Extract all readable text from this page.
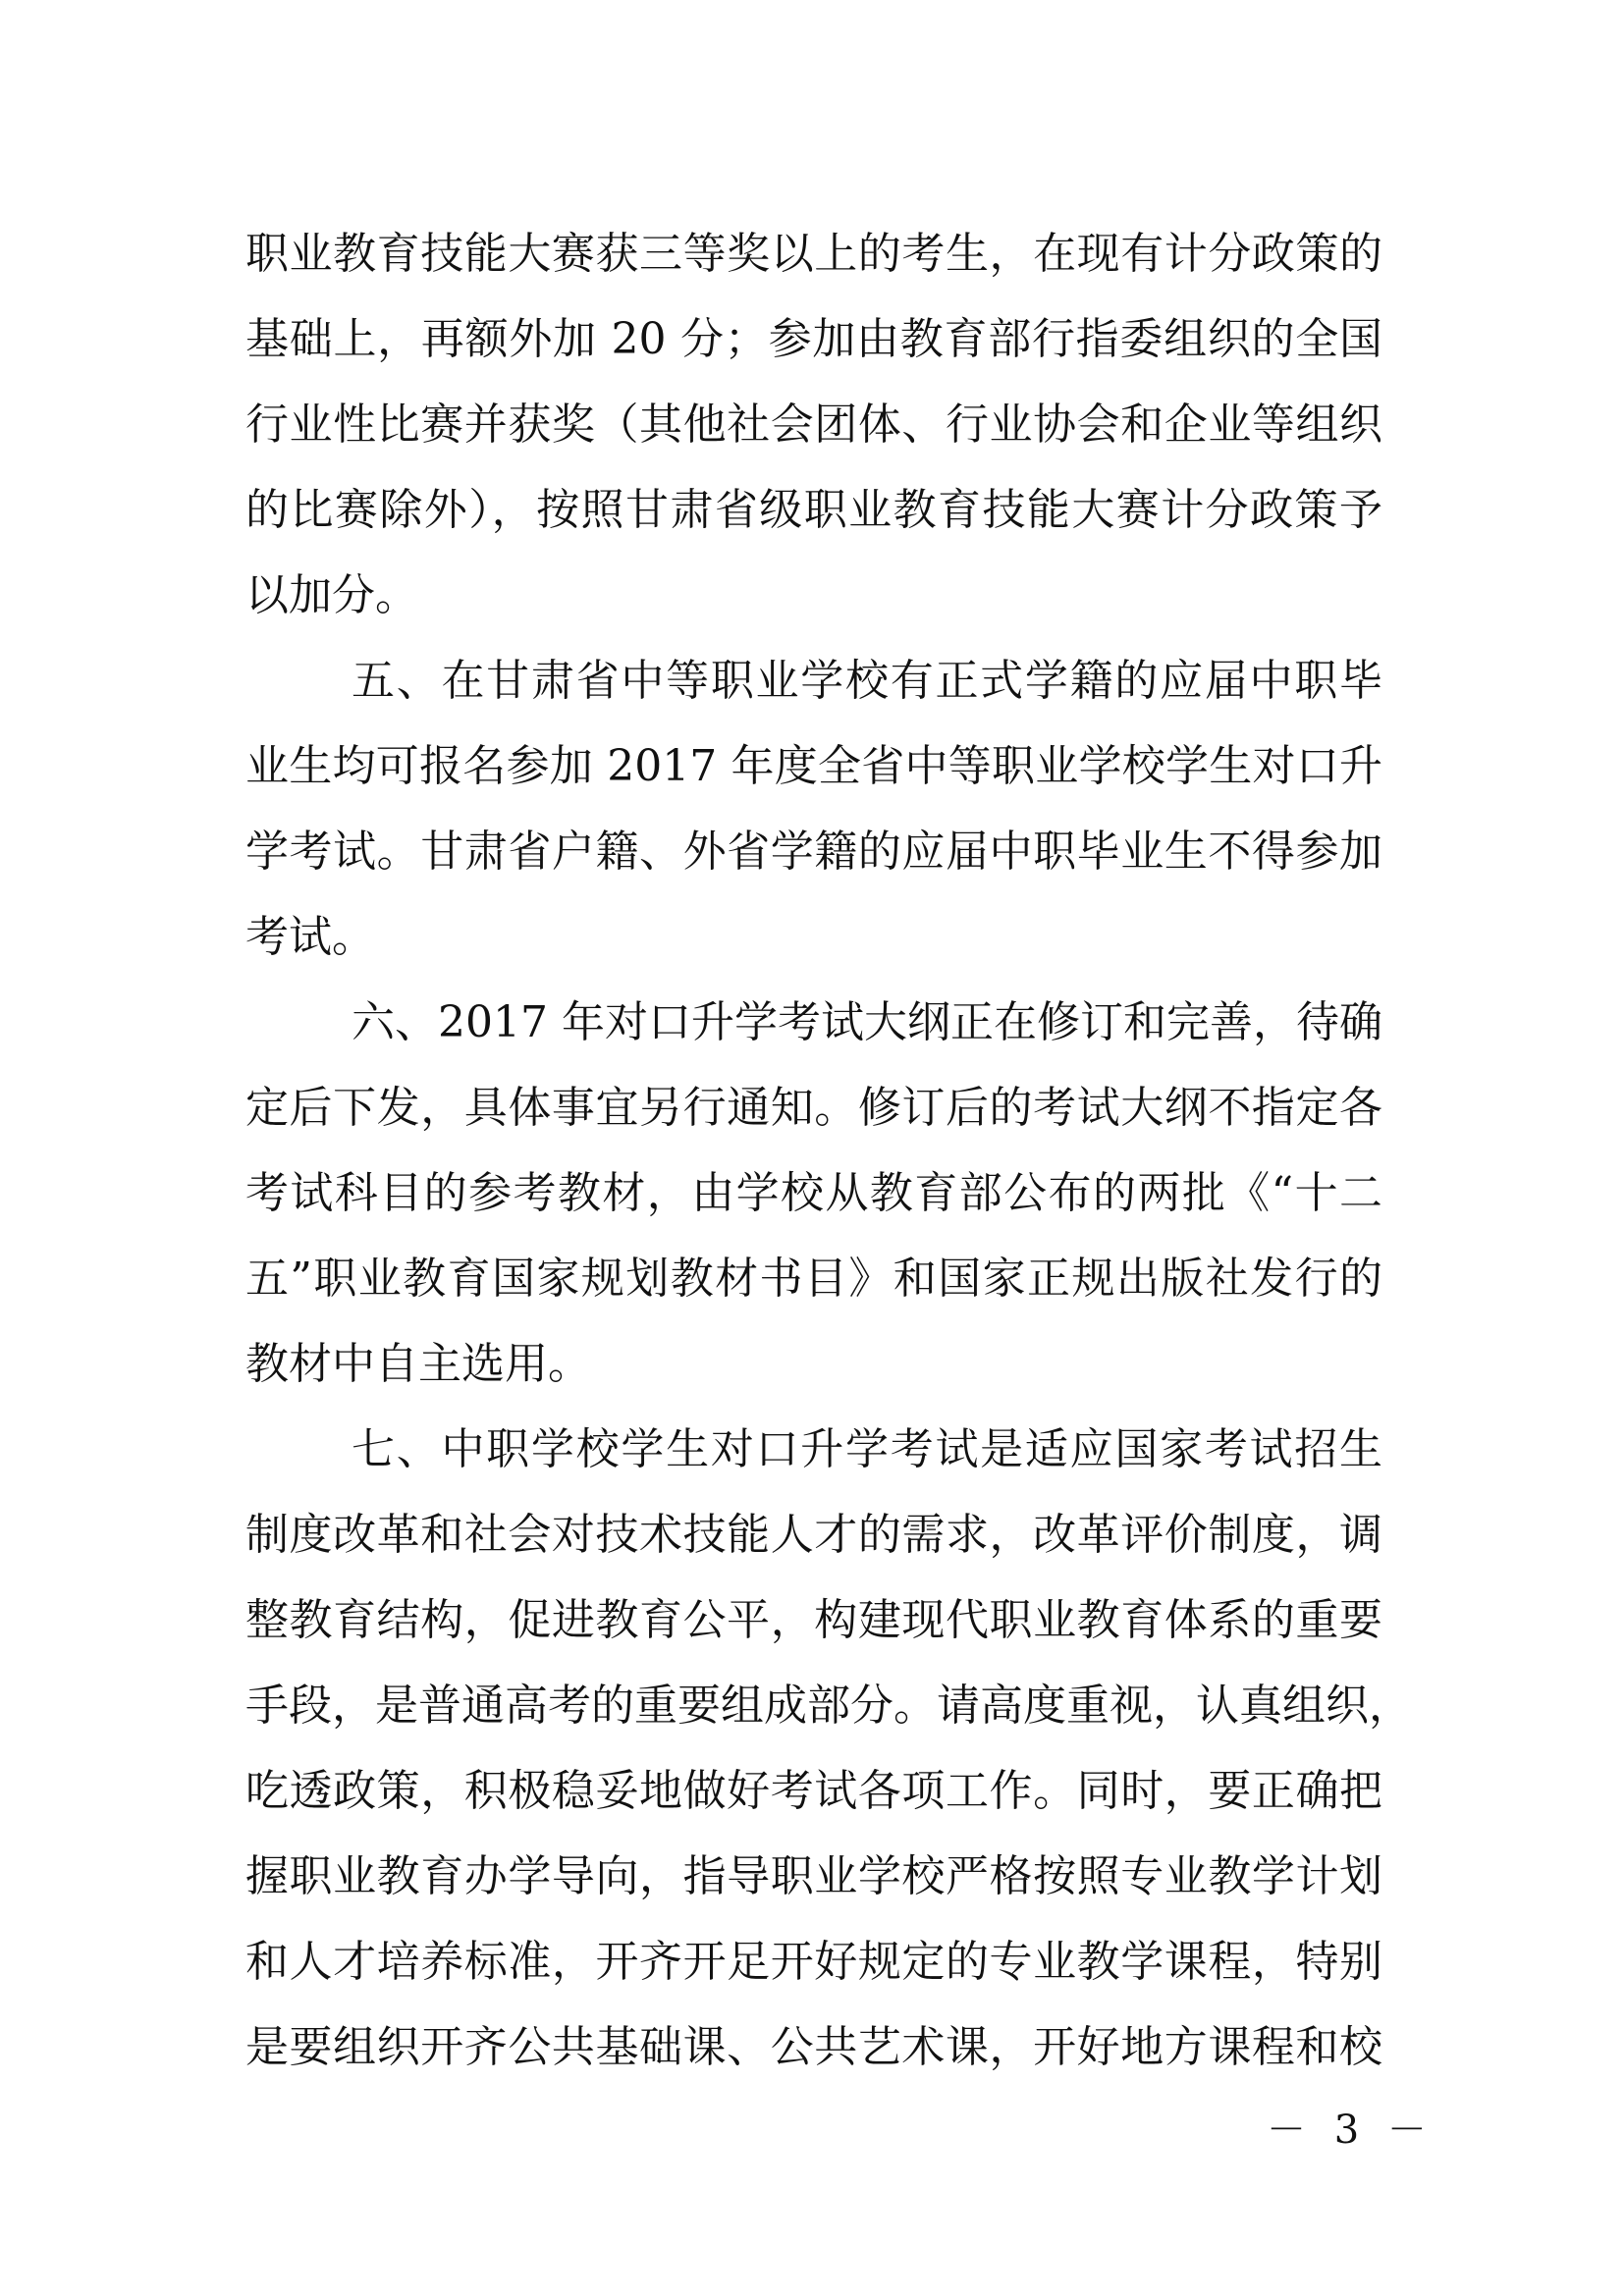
职业教育技能大赛获三等奖以上的考生，在现有计分政策的
基础上，再额外加 20 分；参加由教育部行指委组织的全国
行业性比赛并获奖（其他社会团体、行业协会和企业等组织
的比赛除外），按照甘肃省级职业教育技能大赛计分政策予
以加分。
五、在甘肃省中等职业学校有正式学籍的应届中职毕
业生均可报名参加 2017 年度全省中等职业学校学生对口升
学考试。甘肃省户籍、外省学籍的应届中职毕业生不得参加
考试。
六、2017 年对口升学考试大纲正在修订和完善，待确
定后下发，具体事宜另行通知。修订后的考试大纲不指定各
考试科目的参考教材，由学校从教育部公布的两批《“十二
五”职业教育国家规划教材书目》和国家正规出版社发行的
教材中自主选用。
七、中职学校学生对口升学考试是适应国家考试招生
制度改革和社会对技术技能人才的需求，改革评价制度，调
整教育结构，促进教育公平，构建现代职业教育体系的重要
手段，是普通高考的重要组成部分。请高度重视，认真组织，
吃透政策，积极稳妥地做好考试各项工作。同时，要正确把
握职业教育办学导向，指导职业学校严格按照专业教学计划
和人才培养标准，开齐开足开好规定的专业教学课程，特别
是要组织开齐公共基础课、公共艺术课，开好地方课程和校
－ 3 －
